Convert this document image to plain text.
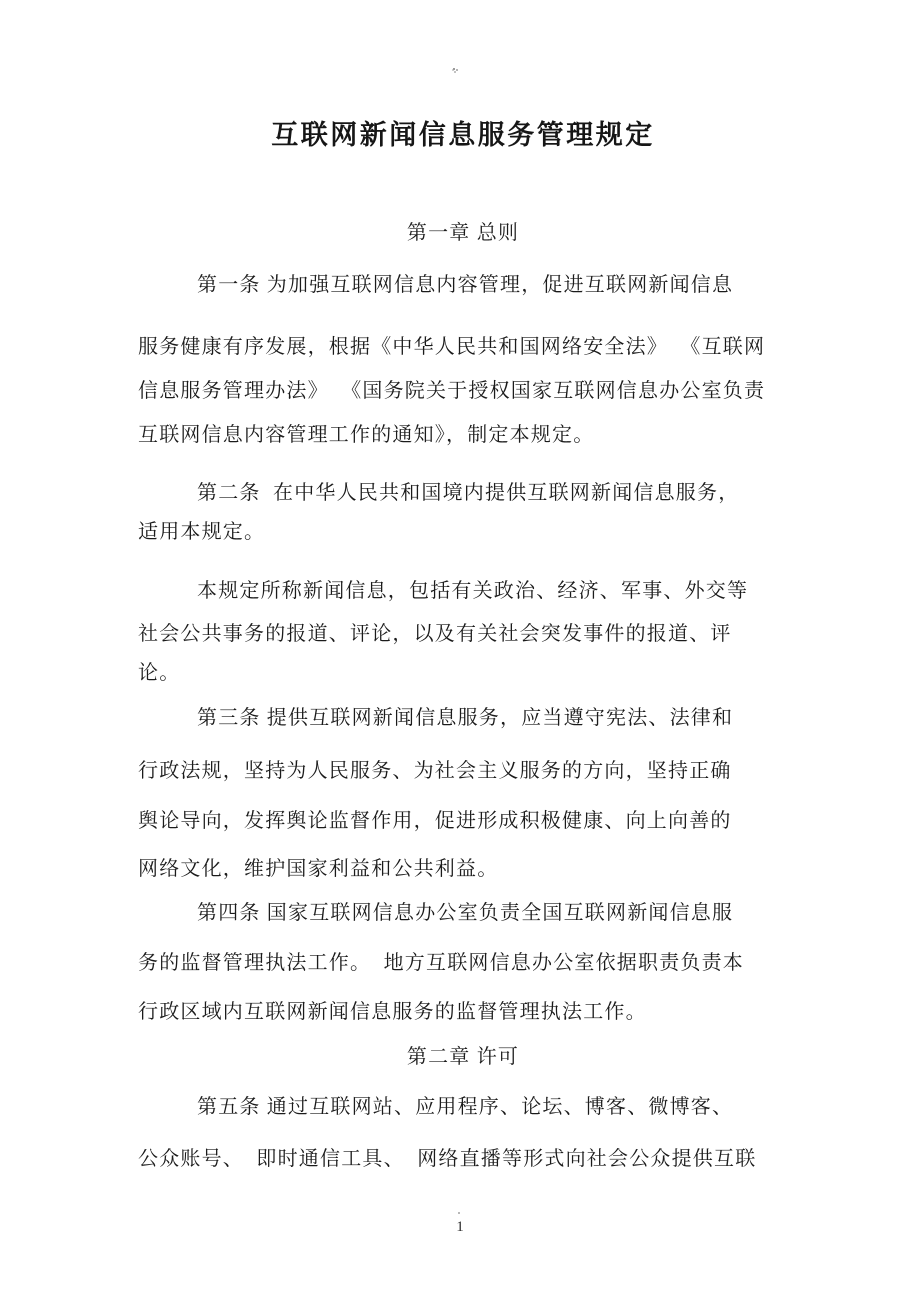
互联网新闻信息服务管理规定
第一章 总则
第一条 为加强互联网信息内容管理，促进互联网新闻信息
服务健康有序发展，根据《中华人民共和国网络安全法》  《互联网
信息服务管理办法》  《国务院关于授权国家互联网信息办公室负责
互联网信息内容管理工作的通知》，制定本规定。
第二条  在中华人民共和国境内提供互联网新闻信息服务，
适用本规定。
本规定所称新闻信息，包括有关政治、经济、军事、外交等
社会公共事务的报道、评论，以及有关社会突发事件的报道、评
论。
第三条 提供互联网新闻信息服务，应当遵守宪法、法律和
行政法规，坚持为人民服务、为社会主义服务的方向，坚持正确
舆论导向，发挥舆论监督作用，促进形成积极健康、向上向善的
网络文化，维护国家利益和公共利益。
第四条 国家互联网信息办公室负责全国互联网新闻信息服
务的监督管理执法工作。  地方互联网信息办公室依据职责负责本
行政区域内互联网新闻信息服务的监督管理执法工作。
第二章 许可
第五条 通过互联网站、应用程序、论坛、博客、微博客、
公众账号、  即时通信工具、  网络直播等形式向社会公众提供互联
1
